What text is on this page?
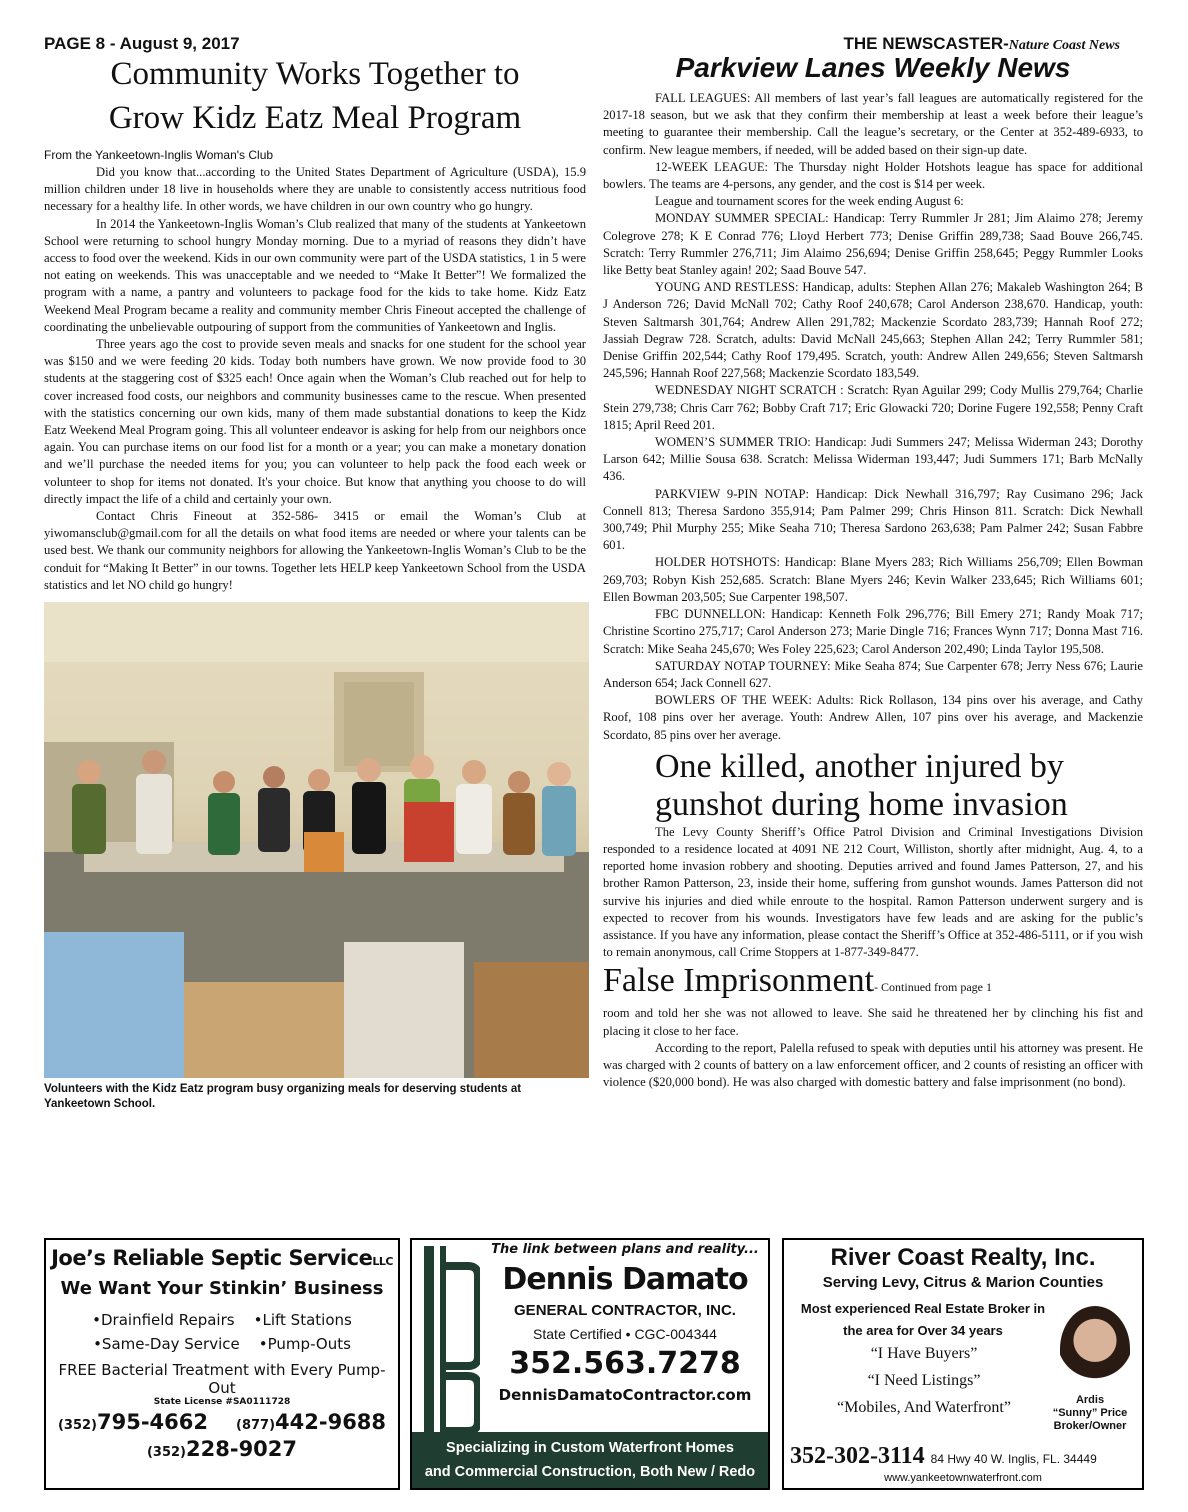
PAGE 8 - August 9, 2017	THE NEWSCASTER-Nature Coast News
Community Works Together to
Grow Kidz Eatz Meal Program
From the Yankeetown-Inglis Woman's Club

Did you know that...according to the United States Department of Agriculture (USDA), 15.9 million children under 18 live in households where they are unable to consistently access nutritious food necessary for a healthy life. In other words, we have children in our own country who go hungry.

In 2014 the Yankeetown-Inglis Woman’s Club realized that many of the students at Yankeetown School were returning to school hungry Monday morning. Due to a myriad of reasons they didn’t have access to food over the weekend. Kids in our own community were part of the USDA statistics, 1 in 5 were not eating on weekends. This was unacceptable and we needed to “Make It Better”! We formalized the program with a name, a pantry and volunteers to package food for the kids to take home. Kidz Eatz Weekend Meal Program became a reality and community member Chris Fineout accepted the challenge of coordinating the unbelievable outpouring of support from the communities of Yankeetown and Inglis.

Three years ago the cost to provide seven meals and snacks for one student for the school year was $150 and we were feeding 20 kids. Today both numbers have grown. We now provide food to 30 students at the staggering cost of $325 each! Once again when the Woman’s Club reached out for help to cover increased food costs, our neighbors and community businesses came to the rescue. When presented with the statistics concerning our own kids, many of them made substantial donations to keep the Kidz Eatz Weekend Meal Program going. This all volunteer endeavor is asking for help from our neighbors once again. You can purchase items on our food list for a month or a year; you can make a monetary donation and we’ll purchase the needed items for you; you can volunteer to help pack the food each week or volunteer to shop for items not donated. It's your choice. But know that anything you choose to do will directly impact the life of a child and certainly your own.

Contact Chris Fineout at 352-586- 3415 or email the Woman’s Club at yiwomansclub@gmail.com for all the details on what food items are needed or where your talents can be used best. We thank our community neighbors for allowing the Yankeetown-Inglis Woman’s Club to be the conduit for “Making It Better” in our towns. Together lets HELP keep Yankeetown School from the USDA statistics and let NO child go hungry!

Volunteers with the Kidz Eatz program busy organizing meals for deserving students at Yankeetown School.
Parkview Lanes Weekly News

FALL LEAGUES: All members of last year’s fall leagues are automatically registered for the 2017-18 season, but we ask that they confirm their membership at least a week before their league’s meeting to guarantee their membership. Call the league’s secretary, or the Center at 352-489-6933, to confirm. New league members, if needed, will be added based on their sign-up date.

12-WEEK LEAGUE: The Thursday night Holder Hotshots league has space for additional bowlers. The teams are 4-persons, any gender, and the cost is $14 per week.

League and tournament scores for the week ending August 6:

MONDAY SUMMER SPECIAL: Handicap: Terry Rummler Jr 281; Jim Alaimo 278; Jeremy Colegrove 278; K E Conrad 776; Lloyd Herbert 773; Denise Griffin 289,738; Saad Bouve 266,745. Scratch: Terry Rummler 276,711; Jim Alaimo 256,694; Denise Griffin 258,645; Peggy Rummler Looks like Betty beat Stanley again! 202; Saad Bouve 547.

YOUNG AND RESTLESS: Handicap, adults: Stephen Allan 276; Makaleb Washington 264; B J Anderson 726; David McNall 702; Cathy Roof 240,678; Carol Anderson 238,670. Handicap, youth: Steven Saltmarsh 301,764; Andrew Allen 291,782; Mackenzie Scordato 283,739; Hannah Roof 272; Jassiah Degraw 728. Scratch, adults: David McNall 245,663; Stephen Allan 242; Terry Rummler 581; Denise Griffin 202,544; Cathy Roof 179,495. Scratch, youth: Andrew Allen 249,656; Steven Saltmarsh 245,596; Hannah Roof 227,568; Mackenzie Scordato 183,549.

WEDNESDAY NIGHT SCRATCH : Scratch: Ryan Aguilar 299; Cody Mullis 279,764; Charlie Stein 279,738; Chris Carr 762; Bobby Craft 717; Eric Glowacki 720; Dorine Fugere 192,558; Penny Craft 1815; April Reed 201.

WOMEN’S SUMMER TRIO: Handicap: Judi Summers 247; Melissa Widerman 243; Dorothy Larson 642; Millie Sousa 638. Scratch: Melissa Widerman 193,447; Judi Summers 171; Barb McNally 436.

PARKVIEW 9-PIN NOTAP: Handicap: Dick Newhall 316,797; Ray Cusimano 296; Jack Connell 813; Theresa Sardono 355,914; Pam Palmer 299; Chris Hinson 811. Scratch: Dick Newhall 300,749; Phil Murphy 255; Mike Seaha 710; Theresa Sardono 263,638; Pam Palmer 242; Susan Fabbre 601.

HOLDER HOTSHOTS: Handicap: Blane Myers 283; Rich Williams 256,709; Ellen Bowman 269,703; Robyn Kish 252,685. Scratch: Blane Myers 246; Kevin Walker 233,645; Rich Williams 601; Ellen Bowman 203,505; Sue Carpenter 198,507.

FBC DUNNELLON: Handicap: Kenneth Folk 296,776; Bill Emery 271; Randy Moak 717; Christine Scortino 275,717; Carol Anderson 273; Marie Dingle 716; Frances Wynn 717; Donna Mast 716. Scratch: Mike Seaha 245,670; Wes Foley 225,623; Carol Anderson 202,490; Linda Taylor 195,508.

SATURDAY NOTAP TOURNEY: Mike Seaha 874; Sue Carpenter 678; Jerry Ness 676; Laurie Anderson 654; Jack Connell 627.

BOWLERS OF THE WEEK: Adults: Rick Rollason, 134 pins over his average, and Cathy Roof, 108 pins over her average. Youth: Andrew Allen, 107 pins over his average, and Mackenzie Scordato, 85 pins over her average.

One killed, another injured by
gunshot during home invasion

The Levy County Sheriff’s Office Patrol Division and Criminal Investigations Division responded to a residence located at 4091 NE 212 Court, Williston, shortly after midnight, Aug. 4, to a reported home invasion robbery and shooting. Deputies arrived and found James Patterson, 27, and his brother Ramon Patterson, 23, inside their home, suffering from gunshot wounds. James Patterson did not survive his injuries and died while enroute to the hospital. Ramon Patterson underwent surgery and is expected to recover from his wounds. Investigators have few leads and are asking for the public’s assistance. If you have any information, please contact the Sheriff’s Office at 352-486-5111, or if you wish to remain anonymous, call Crime Stoppers at 1-877-349-8477.

False Imprisonment- Continued from page 1

room and told her she was not allowed to leave. She said he threatened her by clinching his fist and placing it close to her face.

According to the report, Palella refused to speak with deputies until his attorney was present. He was charged with 2 counts of battery on a law enforcement officer, and 2 counts of resisting an officer with violence ($20,000 bond). He was also charged with domestic battery and false imprisonment (no bond).

Joe’s Reliable Septic ServiceLLC
We Want Your Stinkin’ Business
•Drainfield Repairs •Lift Stations
•Same-Day Service •Pump-Outs
FREE Bacterial Treatment with Every Pump-Out
State License #SA0111728
(352)795-4662 (877)442-9688
(352)228-9027
The link between plans and reality...
Dennis Damato
GENERAL CONTRACTOR, INC.
State Certified • CGC-004344
352.563.7278
DennisDamatoContractor.com
Specializing in Custom Waterfront Homes
and Commercial Construction, Both New / Redo
River Coast Realty, Inc.
Serving Levy, Citrus & Marion Counties
Most experienced Real Estate Broker in
the area for Over 34 years
“I Have Buyers”
“I Need Listings”
“Mobiles, And Waterfront”	Ardis
“Sunny” Price
Broker/Owner
352-302-3114 84 Hwy 40 W. Inglis, FL. 34449
www.yankeetownwaterfront.com
